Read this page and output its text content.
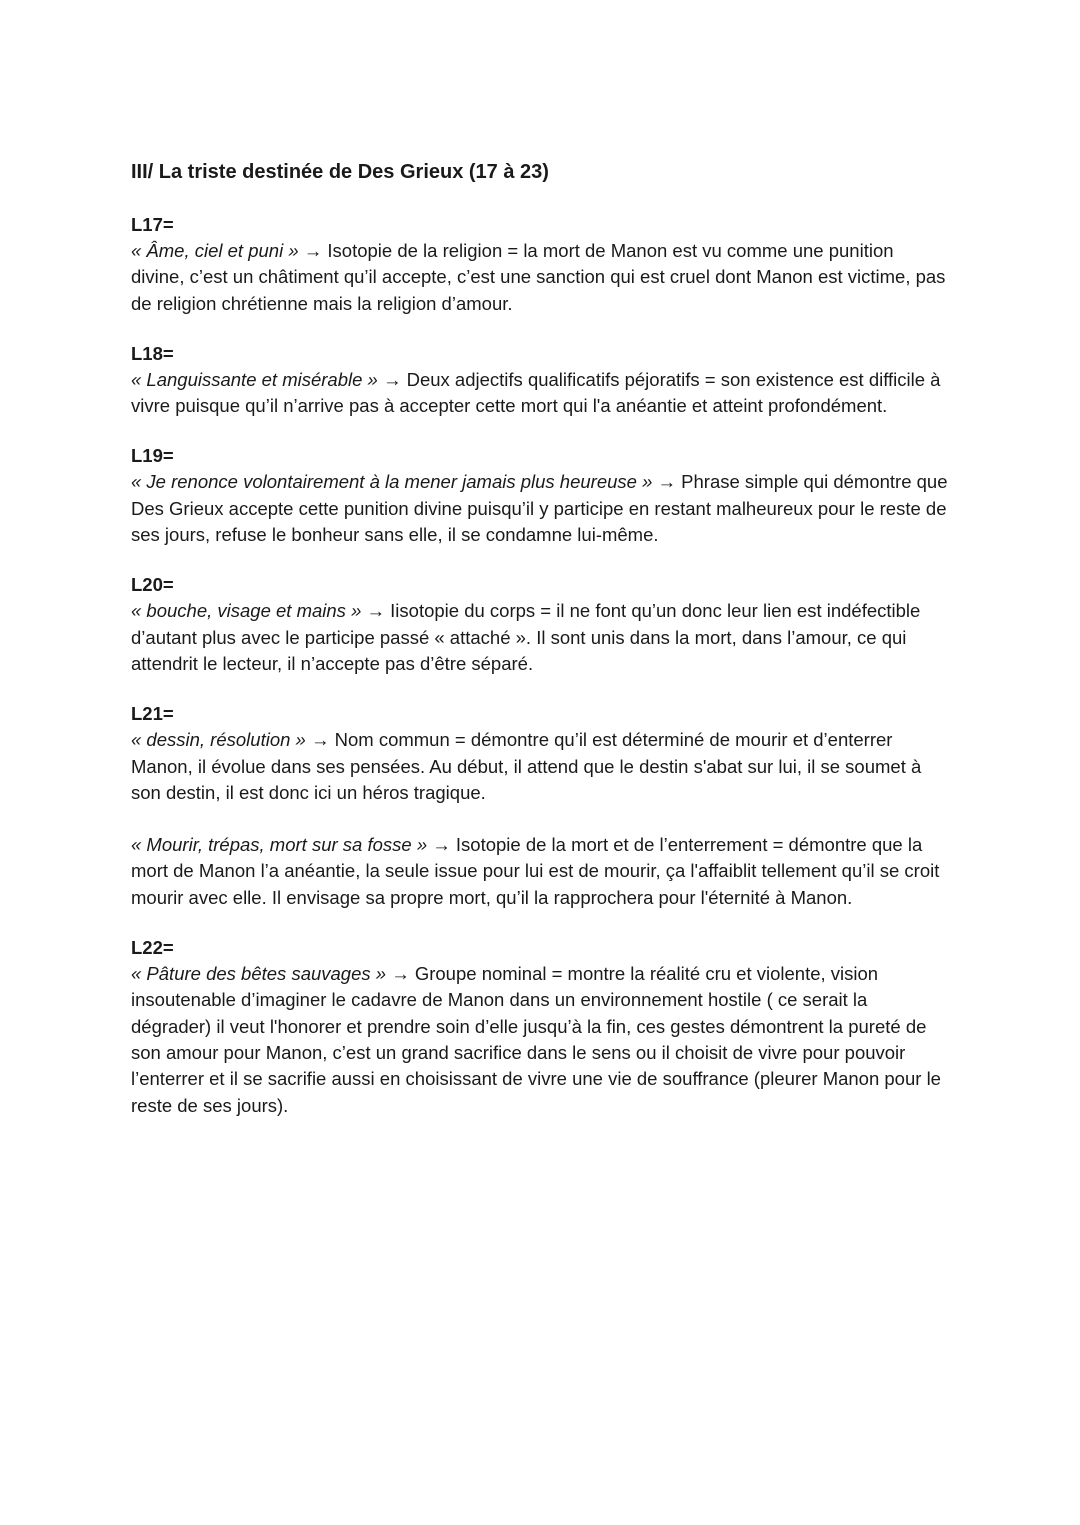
III/ La triste destinée de Des Grieux (17 à 23)
L17=

« Âme, ciel et puni » → Isotopie de la religion = la mort de Manon est vu comme une punition divine, c’est un châtiment qu’il accepte, c’est une sanction qui est cruel dont Manon est victime, pas de religion chrétienne mais la religion d’amour.

L18=

« Languissante et misérable » → Deux adjectifs qualificatifs péjoratifs = son existence est difficile à vivre puisque qu’il n’arrive pas à accepter cette mort qui l'a anéantie et atteint profondément.

L19=

« Je renonce volontairement à la mener jamais plus heureuse » → Phrase simple qui démontre que Des Grieux accepte cette punition divine puisqu’il y participe en restant malheureux pour le reste de ses jours, refuse le bonheur sans elle, il se condamne lui-même.

L20=

« bouche, visage et mains » → Iisotopie du corps = il ne font qu’un donc leur lien est indéfectible d’autant plus avec le participe passé « attaché ». Il sont unis dans la mort, dans l’amour, ce qui attendrit le lecteur, il n’accepte pas d’être séparé.

L21=

« dessin, résolution » → Nom commun = démontre qu’il est déterminé de mourir et d’enterrer Manon, il évolue dans ses pensées. Au début, il attend que le destin s'abat sur lui, il se soumet à son destin, il est donc ici un héros tragique.

« Mourir, trépas, mort sur sa fosse » → Isotopie de la mort et de l’enterrement = démontre que la mort de Manon l’a anéantie, la seule issue pour lui est de mourir, ça l'affaiblit tellement qu’il se croit mourir avec elle. Il envisage sa propre mort, qu’il la rapprochera pour l'éternité à Manon.

L22=

« Pâture des bêtes sauvages » → Groupe nominal = montre la réalité cru et violente, vision insoutenable d’imaginer le cadavre de Manon dans un environnement hostile ( ce serait la dégrader) il veut l'honorer et prendre soin d’elle jusqu’à la fin, ces gestes démontrent la pureté de son amour pour Manon, c’est un grand sacrifice dans le sens ou il choisit de vivre pour pouvoir l’enterrer et il se sacrifie aussi en choisissant de vivre une vie de souffrance (pleurer Manon pour le reste de ses jours).
